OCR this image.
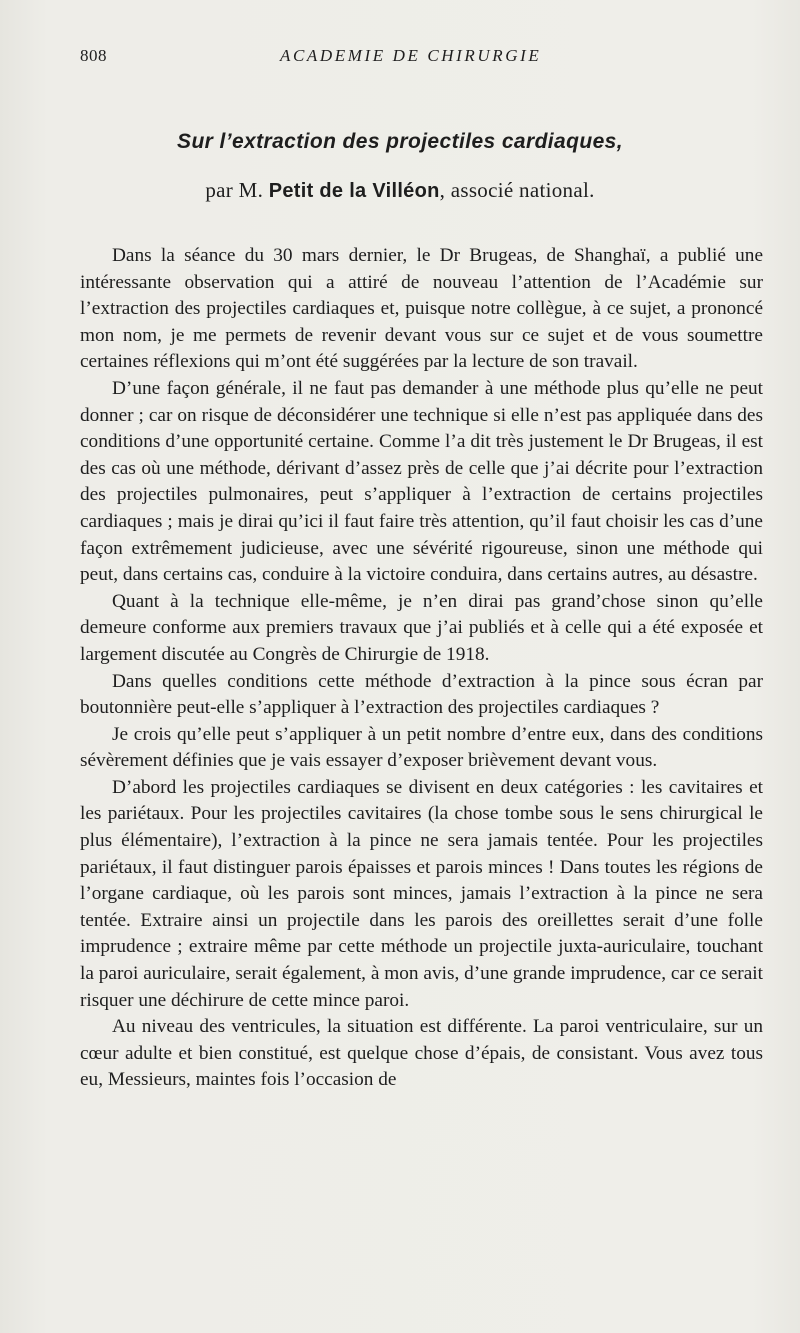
808	ACADEMIE DE CHIRURGIE
Sur l’extraction des projectiles cardiaques,
par M. Petit de la Villéon, associé national.

Dans la séance du 30 mars dernier, le Dr Brugeas, de Shanghaï, a publié une intéressante observation qui a attiré de nouveau l’attention de l’Académie sur l’extraction des projectiles cardiaques et, puisque notre collègue, à ce sujet, a prononcé mon nom, je me permets de revenir devant vous sur ce sujet et de vous soumettre certaines réflexions qui m’ont été suggérées par la lecture de son travail.

D’une façon générale, il ne faut pas demander à une méthode plus qu’elle ne peut donner ; car on risque de déconsidérer une technique si elle n’est pas appliquée dans des conditions d’une opportunité certaine. Comme l’a dit très justement le Dr Brugeas, il est des cas où une méthode, dérivant d’assez près de celle que j’ai décrite pour l’extraction des projectiles pulmonaires, peut s’appliquer à l’extraction de certains projectiles cardiaques ; mais je dirai qu’ici il faut faire très attention, qu’il faut choisir les cas d’une façon extrêmement judicieuse, avec une sévérité rigoureuse, sinon une méthode qui peut, dans certains cas, conduire à la victoire conduira, dans certains autres, au désastre.

Quant à la technique elle-même, je n’en dirai pas grand’chose sinon qu’elle demeure conforme aux premiers travaux que j’ai publiés et à celle qui a été exposée et largement discutée au Congrès de Chirurgie de 1918.

Dans quelles conditions cette méthode d’extraction à la pince sous écran par boutonnière peut-elle s’appliquer à l’extraction des projectiles cardiaques ?

Je crois qu’elle peut s’appliquer à un petit nombre d’entre eux, dans des conditions sévèrement définies que je vais essayer d’exposer brièvement devant vous.

D’abord les projectiles cardiaques se divisent en deux catégories : les cavitaires et les pariétaux. Pour les projectiles cavitaires (la chose tombe sous le sens chirurgical le plus élémentaire), l’extraction à la pince ne sera jamais tentée. Pour les projectiles pariétaux, il faut distinguer parois épaisses et parois minces ! Dans toutes les régions de l’organe cardiaque, où les parois sont minces, jamais l’extraction à la pince ne sera tentée. Extraire ainsi un projectile dans les parois des oreillettes serait d’une folle imprudence ; extraire même par cette méthode un projectile juxta-auriculaire, touchant la paroi auriculaire, serait également, à mon avis, d’une grande imprudence, car ce serait risquer une déchirure de cette mince paroi.

Au niveau des ventricules, la situation est différente. La paroi ventriculaire, sur un cœur adulte et bien constitué, est quelque chose d’épais, de consistant. Vous avez tous eu, Messieurs, maintes fois l’occasion de
